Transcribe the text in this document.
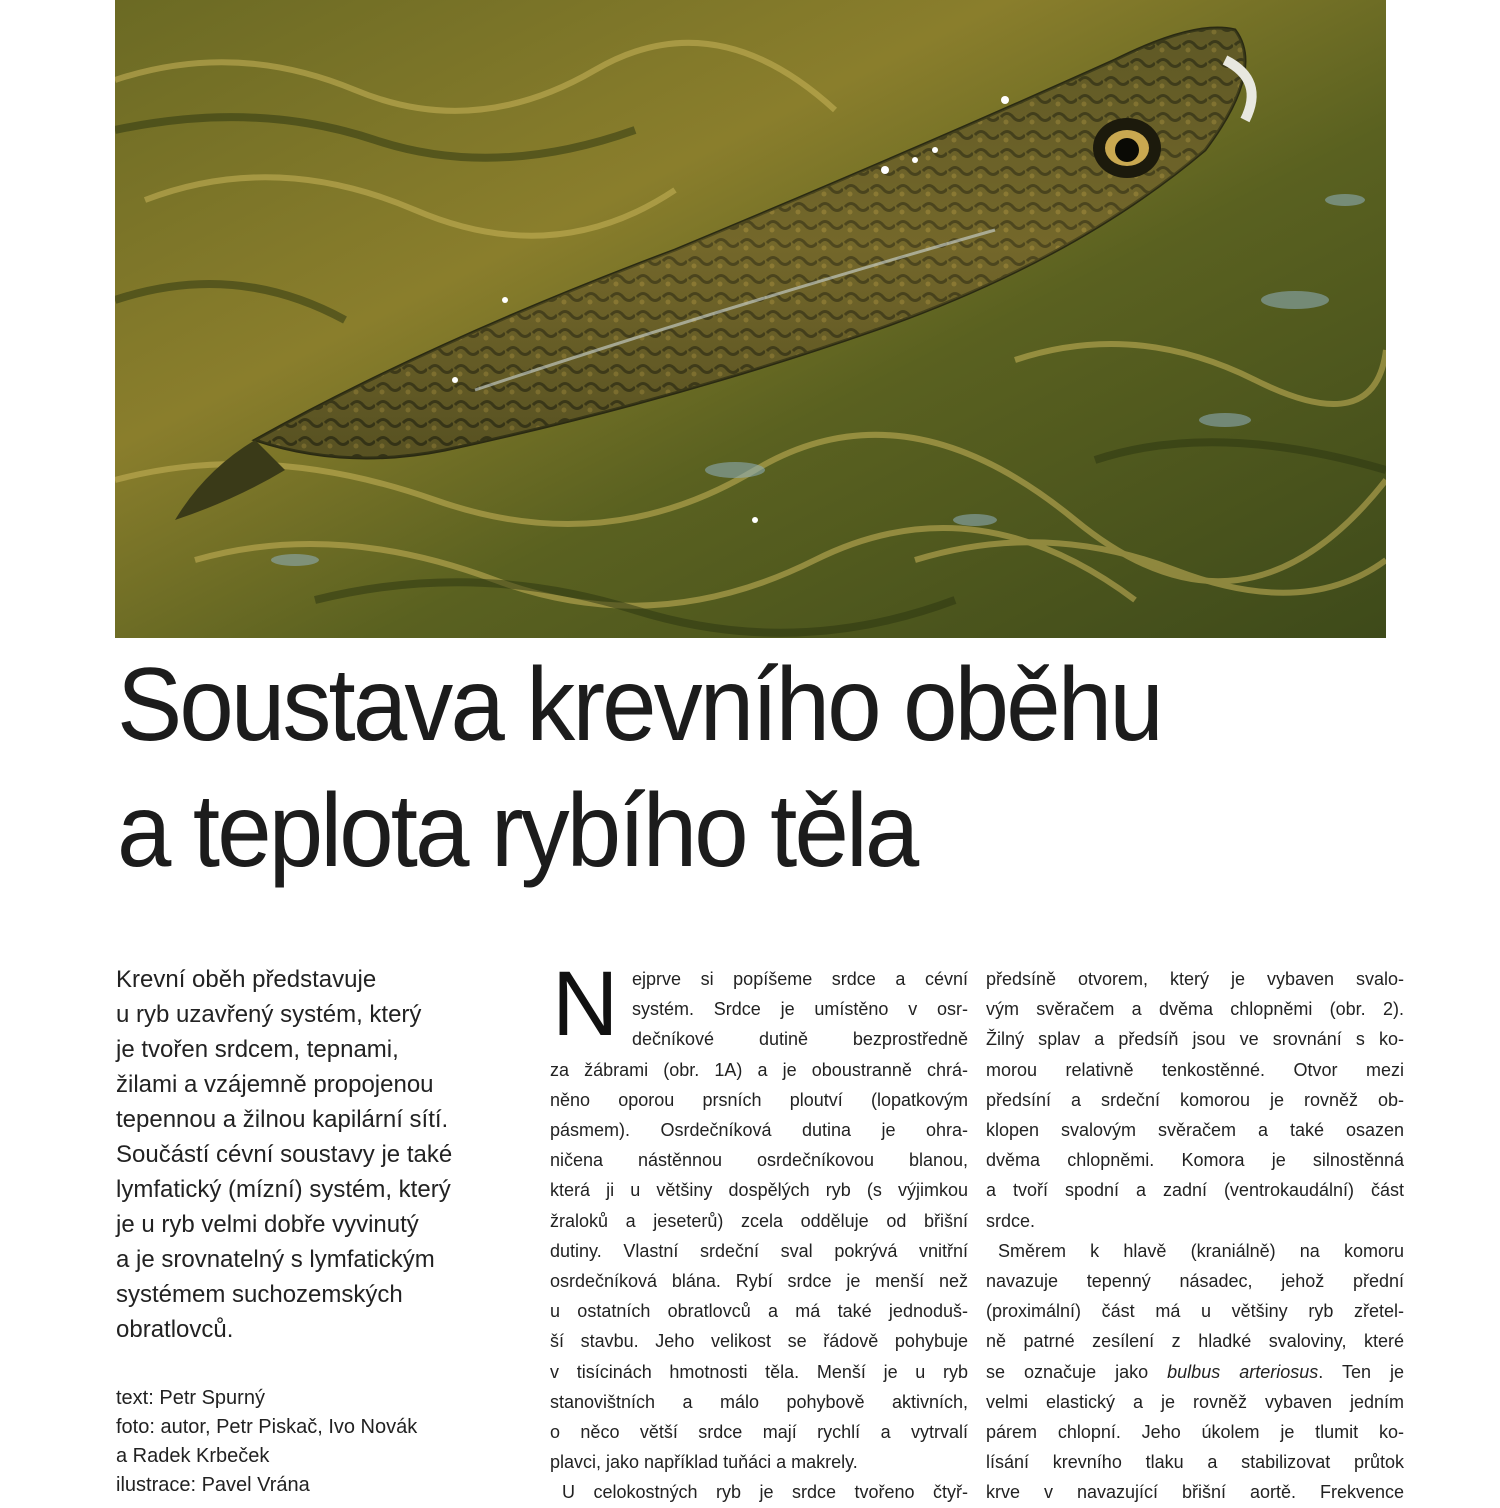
Soustava krevního oběhu
a teplota rybího těla
Krevní oběh představuje
u ryb uzavřený systém, který
je tvořen srdcem, tepnami,
žilami a vzájemně propojenou
tepennou a žilnou kapilární sítí.
Součástí cévní soustavy je také
lymfatický (mízní) systém, který
je u ryb velmi dobře vyvinutý
a je srovnatelný s lymfatickým
systémem suchozemských
obratlovců.
text: Petr Spurný
foto: autor, Petr Piskač, Ivo Novák
a Radek Krbeček
ilustrace: Pavel Vrána
N ejprve si popíšeme srdce a cévní
systém. Srdce je umístěno v osr-
dečníkové dutině bezprostředně
za žábrami (obr. 1A) a je oboustranně chrá-
něno oporou prsních ploutví (lopatkovým
pásmem). Osrdečníková dutina je ohra-
ničena nástěnnou osrdečníkovou blanou,
která ji u většiny dospělých ryb (s výjimkou
žraloků a jeseterů) zcela odděluje od břišní
dutiny. Vlastní srdeční sval pokrývá vnitřní
osrdečníková blána. Rybí srdce je menší než
u ostatních obratlovců a má také jednoduš-
ší stavbu. Jeho velikost se řádově pohybuje
v tisícinách hmotnosti těla. Menší je u ryb
stanovištních a málo pohybově aktivních,
o něco větší srdce mají rychlí a vytrvalí
plavci, jako například tuňáci a makrely.
U celokostných ryb je srdce tvořeno čtyř-
předsíně otvorem, který je vybaven svalo-
vým svěračem a dvěma chlopněmi (obr. 2).
Žilný splav a předsíň jsou ve srovnání s ko-
morou relativně tenkostěnné. Otvor mezi
předsíní a srdeční komorou je rovněž ob-
klopen svalovým svěračem a také osazen
dvěma chlopněmi. Komora je silnostěnná
a tvoří spodní a zadní (ventrokaudální) část
srdce.
Směrem k hlavě (kraniálně) na komoru
navazuje tepenný násadec, jehož přední
(proximální) část má u většiny ryb zřetel-
ně patrné zesílení z hladké svaloviny, které
se označuje jako bulbus arteriosus. Ten je
velmi elastický a je rovněž vybaven jedním
párem chlopní. Jeho úkolem je tlumit ko-
lísání krevního tlaku a stabilizovat průtok
krve v navazující břišní aortě. Frekvence
